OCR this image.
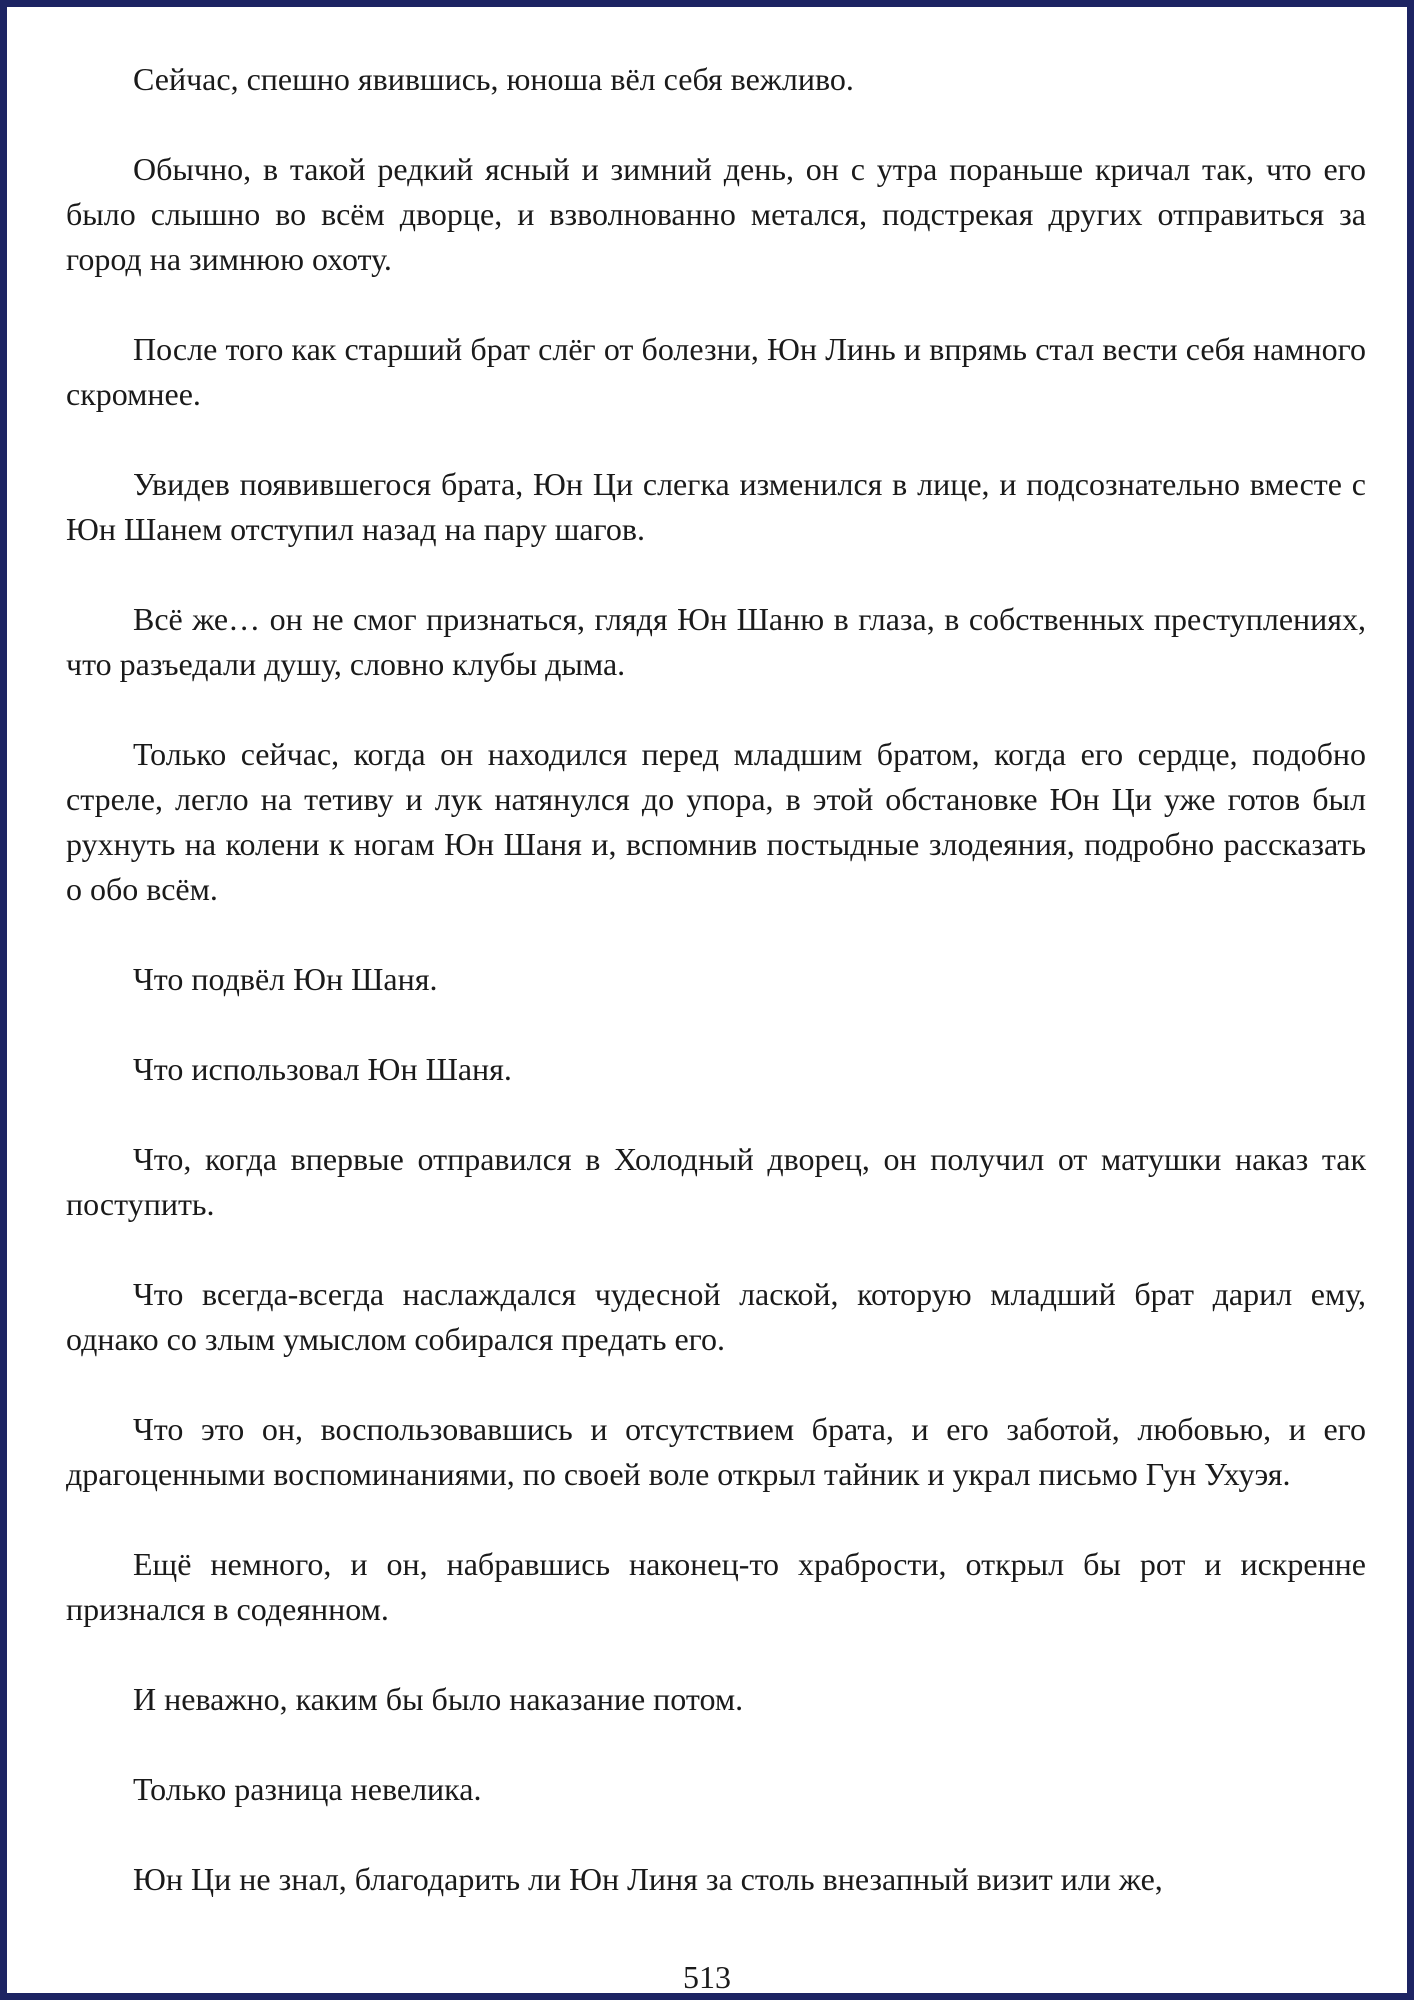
Сейчас, спешно явившись, юноша вёл себя вежливо.

Обычно, в такой редкий ясный и зимний день, он с утра пораньше кричал так, что его было слышно во всём дворце, и взволнованно метался, подстрекая других отправиться за город на зимнюю охоту.

После того как старший брат слёг от болезни, Юн Линь и впрямь стал вести себя намного скромнее.

Увидев появившегося брата, Юн Ци слегка изменился в лице, и подсознательно вместе с Юн Шанем отступил назад на пару шагов.

Всё же… он не смог признаться, глядя Юн Шаню в глаза, в собственных преступлениях, что разъедали душу, словно клубы дыма.

Только сейчас, когда он находился перед младшим братом, когда его сердце, подобно стреле, легло на тетиву и лук натянулся до упора, в этой обстановке Юн Ци уже готов был рухнуть на колени к ногам Юн Шаня и, вспомнив постыдные злодеяния, подробно рассказать о обо всём.

Что подвёл Юн Шаня.

Что использовал Юн Шаня.

Что, когда впервые отправился в Холодный дворец, он получил от матушки наказ так поступить.

Что всегда-всегда наслаждался чудесной лаской, которую младший брат дарил ему, однако со злым умыслом собирался предать его.

Что это он, воспользовавшись и отсутствием брата, и его заботой, любовью, и его драгоценными воспоминаниями, по своей воле открыл тайник и украл письмо Гун Ухуэя.

Ещё немного, и он, набравшись наконец-то храбрости, открыл бы рот и искренне признался в содеянном.

И неважно, каким бы было наказание потом.

Только разница невелика.

Юн Ци не знал, благодарить ли Юн Линя за столь внезапный визит или же,

513
